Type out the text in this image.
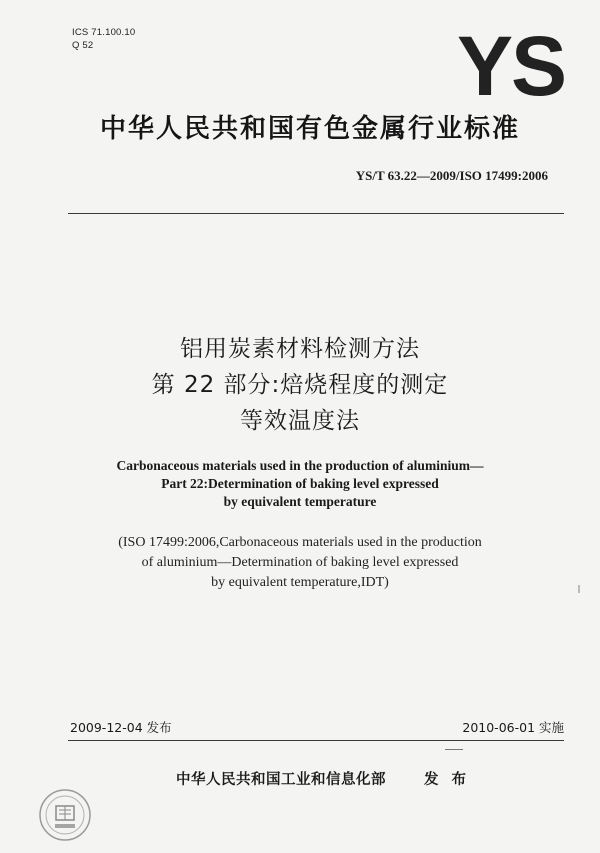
ICS 71.100.10
Q 52	YS
中华人民共和国有色金属行业标准
YS/T 63.22—2009/ISO 17499:2006
铝用炭素材料检测方法
第 22 部分:焙烧程度的测定
等效温度法
Carbonaceous materials used in the production of aluminium—
Part 22:Determination of baking level expressed
by equivalent temperature
(ISO 17499:2006,Carbonaceous materials used in the production
of aluminium—Determination of baking level expressed
by equivalent temperature,IDT)
2009-12-04 发布	2010-06-01 实施
中华人民共和国工业和信息化部	发 布
